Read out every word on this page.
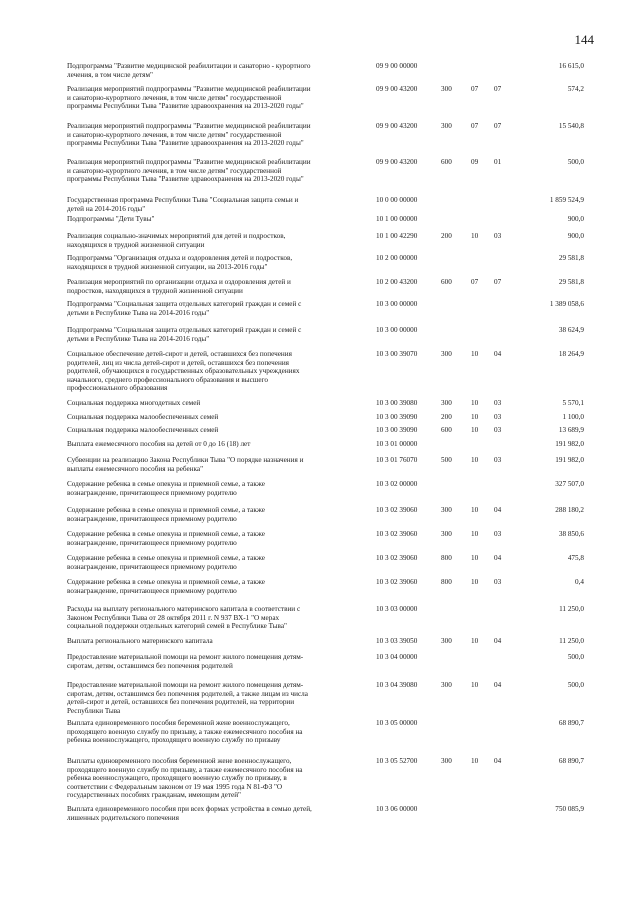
144
Подпрограмма "Развитие медицинской реабилитации и санаторно - курортного
лечения, в том числе детям"
09 9 00 00000	16 615,0
Реализация мероприятий подпрограммы "Развитие медицинской реабилитации
и санаторно-курортного лечения, в том числе детям" государственной
программы Республики Тыва "Развитие здравоохранения на 2013-2020 годы"
09 9 00 43200	300	07 07	574,2
Реализация мероприятий подпрограммы "Развитие медицинской реабилитации
и санаторно-курортного лечения, в том числе детям" государственной
программы Республики Тыва "Развитие здравоохранения на 2013-2020 годы"
09 9 00 43200	300	07 07	15 540,8
Реализация мероприятий подпрограммы "Развитие медицинской реабилитации
и санаторно-курортного лечения, в том числе детям" государственной
программы Республики Тыва "Развитие здравоохранения на 2013-2020 годы"
09 9 00 43200	600	09 01	500,0
Государственная программа Республики Тыва "Социальная защита семьи и
детей на 2014-2016 годы"
10 0 00 00000	1 859 524,9
Подпрограммы "Дети Тувы"	10 1 00 00000	900,0
Реализация социально-значимых мероприятий для детей и подростков,
находящихся в трудной жизненной ситуации
10 1 00 42290	200	10 03	900,0
Подпрограмма "Организация отдыха и оздоровления детей и подростков,
находящихся в трудной жизненной ситуации, на 2013-2016 годы"
10 2 00 00000	29 581,8
Реализация мероприятий по организации отдыха и оздоровления детей и
подростков, находящихся в трудной жизненной ситуации
10 2 00 43200	600	07 07	29 581,8
Подпрограмма "Социальная защита отдельных категорий граждан и семей с
детьми в Республике Тыва на 2014-2016 годы"
10 3 00 00000	1 389 058,6
Подпрограмма "Социальная защита отдельных категорий граждан и семей с
детьми в Республике Тыва на 2014-2016 годы"
10 3 00 00000	38 624,9
Социальное обеспечение детей-сирот и детей, оставшихся без попечения
родителей, лиц из числа детей-сирот и детей, оставшихся без попечения
родителей, обучающихся в государственных образовательных учреждениях
начального, среднего профессионального образования и высшего
профессионального образования
10 3 00 39070	300	10 04	18 264,9
Социальная поддержка многодетных семей	10 3 00 39080	300	10 03	5 570,1
Социальная поддержка малообеспеченных семей	10 3 00 39090	200	10 03	1 100,0
Социальная поддержка малообеспеченных семей	10 3 00 39090	600	10 03	13 689,9
Выплата ежемесячного пособия на детей от 0 до 16 (18) лет	10 3 01 00000	191 982,0
Субвенции на реализацию Закона Республики Тыва "О порядке назначения и
выплаты ежемесячного пособия на ребенка"
10 3 01 76070	500	10 03	191 982,0
Содержание ребенка в семье опекуна и приемной семье, а также
вознаграждение, причитающееся приемному родителю
10 3 02 00000	327 507,0
Содержание ребенка в семье опекуна и приемной семье, а также
вознаграждение, причитающееся приемному родителю
10 3 02 39060	300	10 04	288 180,2
Содержание ребенка в семье опекуна и приемной семье, а также
вознаграждение, причитающееся приемному родителю
10 3 02 39060	300	10 03	38 850,6
Содержание ребенка в семье опекуна и приемной семье, а также
вознаграждение, причитающееся приемному родителю
10 3 02 39060	800	10 04	475,8
Содержание ребенка в семье опекуна и приемной семье, а также
вознаграждение, причитающееся приемному родителю
10 3 02 39060	800	10 03	0,4
Расходы на выплату регионального материнского капитала в соответствии с
Законом Республики Тыва от 28 октября 2011 г. N 937 ВХ-1 "О мерах
социальной поддержки отдельных категорий семей в Республике Тыва"
10 3 03 00000	11 250,0
Выплата регионального материнского капитала	10 3 03 39050	300	10 04	11 250,0
Предоставление материальной помощи на ремонт жилого помещения детям-
сиротам, детям, оставшимся без попечения родителей
10 3 04 00000	500,0
Предоставление материальной помощи на ремонт жилого помещения детям-
сиротам, детям, оставшимся без попечения родителей, а также лицам из числа
детей-сирот и детей, оставшихся без попечения родителей, на территории
Республики Тыва
10 3 04 39080	300	10 04	500,0
Выплата единовременного пособия беременной жене военнослужащего,
проходящего военную службу по призыву, а также ежемесячного пособия на
ребенка военнослужащего, проходящего военную службу по призыву
10 3 05 00000	68 890,7
Выплаты единовременного пособия беременной жене военнослужащего,
проходящего военную службу по призыву, а также ежемесячного пособия на
ребенка военнослужащего, проходящего военную службу по призыву, в
соответствии с Федеральным законом от 19 мая 1995 года N 81-ФЗ "О
государственных пособиях гражданам, имеющим детей"
10 3 05 52700	300	10 04	68 890,7
Выплата единовременного пособия при всех формах устройства в семью детей,
лишенных родительского попечения
10 3 06 00000	750 085,9
